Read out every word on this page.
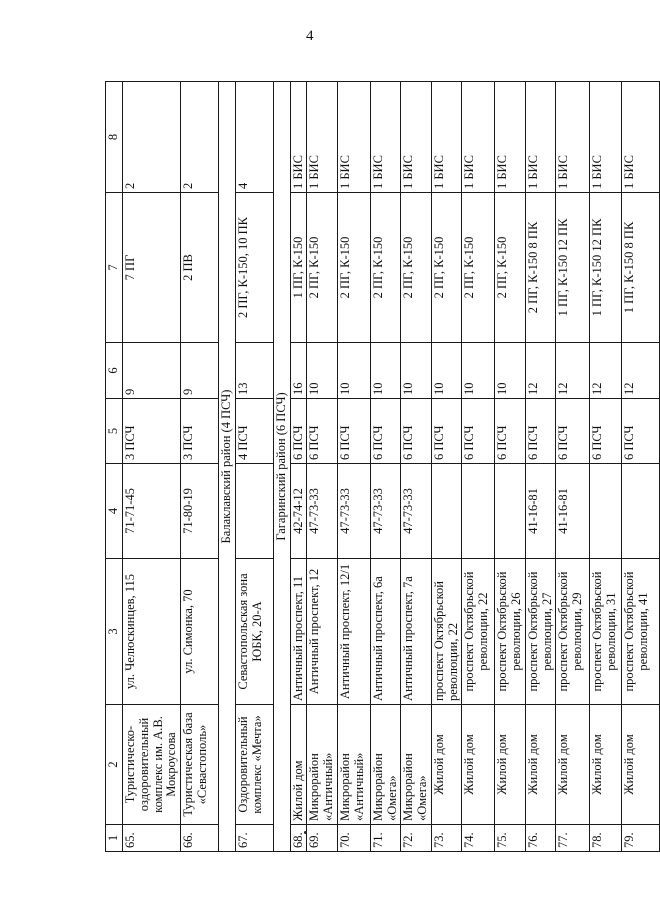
4
1	2	3	4	5	6	7	8
65.	Туристическо-оздоровительный комплекс им. А.В. Мокроусова	ул. Челюскинцев, 115	71-71-45	3 ПСЧ	9	7 ПГ	2
66.	Туристическая база «Севастополь»	ул. Симонка, 70	71-80-19	3 ПСЧ	9	2 ПВ	2
Балаклавский район (4 ПСЧ)							
67.	Оздоровительный комплекс «Мечта»	Севастопольская зона ЮБК, 20-А		4 ПСЧ	13	2 ПГ, К-150, 10 ПК	4
Гагаринский район (6 ПСЧ)							
68.	Жилой дом	Античный проспект, 11	42-74-12	6 ПСЧ	16	1 ПГ, К-150	1 БИС
69.	Микрорайон «Античный»	Античный проспект, 12	47-73-33	6 ПСЧ	10	2 ПГ, К-150	1 БИС
70.	Микрорайон «Античный»	Античный проспект, 12/1	47-73-33	6 ПСЧ	10	2 ПГ, К-150	1 БИС
71.	Микрорайон «Омега»	Античный проспект, 6а	47-73-33	6 ПСЧ	10	2 ПГ, К-150	1 БИС
72.	Микрорайон «Омега»	Античный проспект, 7а	47-73-33	6 ПСЧ	10	2 ПГ, К-150	1 БИС
73.	Жилой дом	проспект Октябрьской революции, 22		6 ПСЧ	10	2 ПГ, К-150	1 БИС
74.	Жилой дом	проспект Октябрьской революции, 22		6 ПСЧ	10	2 ПГ, К-150	1 БИС
75.	Жилой дом	проспект Октябрьской революции, 26		6 ПСЧ	10	2 ПГ, К-150	1 БИС
76.	Жилой дом	проспект Октябрьской революции, 27	41-16-81	6 ПСЧ	12	2 ПГ, К-150 8 ПК	1 БИС
77.	Жилой дом	проспект Октябрьской революции, 29	41-16-81	6 ПСЧ	12	1 ПГ, К-150 12 ПК	1 БИС
78.	Жилой дом	проспект Октябрьской революции, 31		6 ПСЧ	12	1 ПГ, К-150 12 ПК	1 БИС
79.	Жилой дом	проспект Октябрьской революции, 41		6 ПСЧ	12	1 ПГ, К-150 8 ПК	1 БИС
